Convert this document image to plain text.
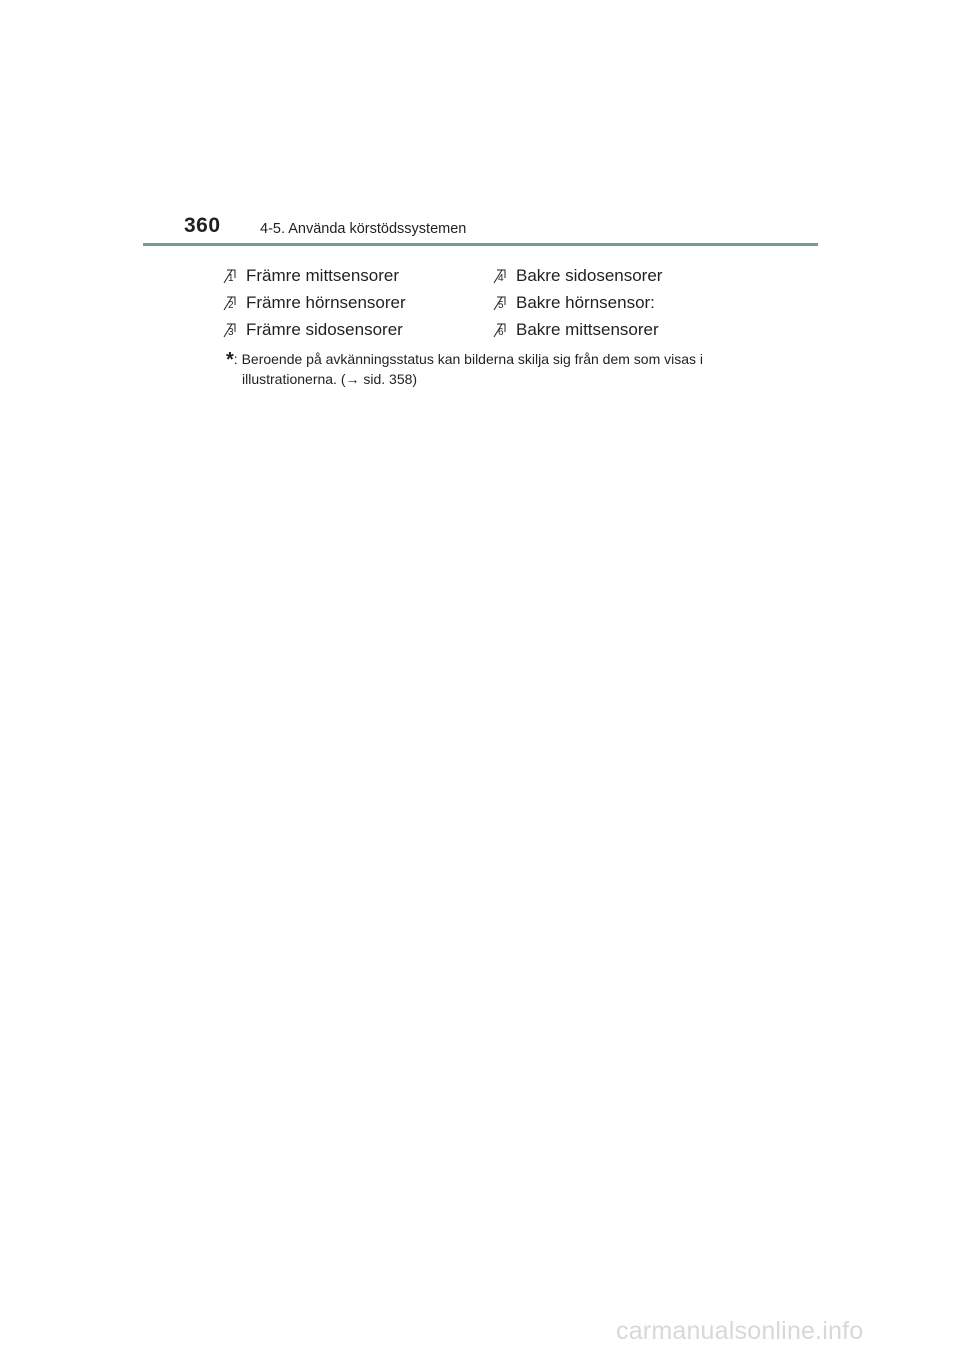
360	4-5. Använda körstödssystemen
1 Främre mittsensorer
2 Främre hörnsensorer
3 Främre sidosensorer
4 Bakre sidosensorer
5 Bakre hörnsensor:
6 Bakre mittsensorer
*: Beroende på avkänningsstatus kan bilderna skilja sig från dem som visas i
illustrationerna. (→ sid. 358)
carmanualsonline.info
